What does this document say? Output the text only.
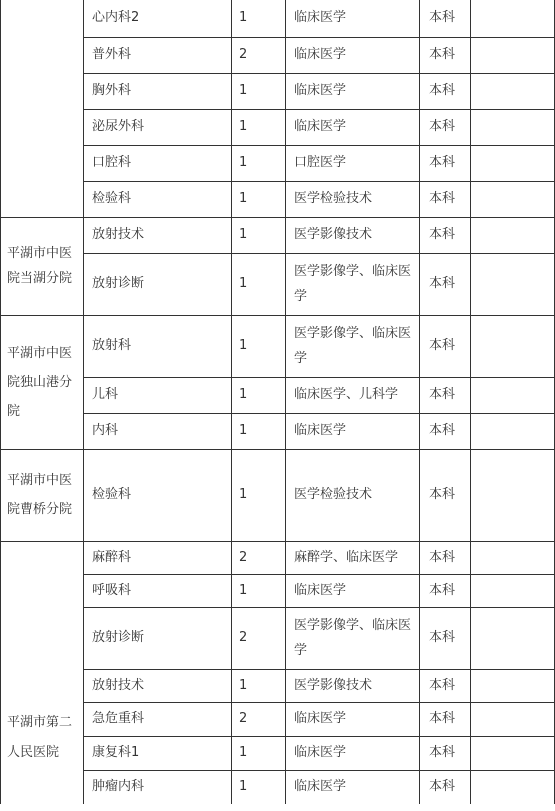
	心内科2	1	临床医学	本科	
	普外科	2	临床医学	本科	
	胸外科	1	临床医学	本科	
	泌尿外科	1	临床医学	本科	
	口腔科	1	口腔医学	本科	
	检验科	1	医学检验技术	本科	
平湖市中医院当湖分院	放射技术	1	医学影像技术	本科	
	放射诊断	1	医学影像学、临床医学	本科	
平湖市中医院独山港分院	放射科	1	医学影像学、临床医学	本科	
	儿科	1	临床医学、儿科学	本科	
	内科	1	临床医学	本科	
平湖市中医院曹桥分院	检验科	1	医学检验技术	本科	
平湖市第二人民医院	麻醉科	2	麻醉学、临床医学	本科	
	呼吸科	1	临床医学	本科	
	放射诊断	2	医学影像学、临床医学	本科	
	放射技术	1	医学影像技术	本科	
	急危重科	2	临床医学	本科	
	康复科1	1	临床医学	本科	
	肿瘤内科	1	临床医学	本科	
